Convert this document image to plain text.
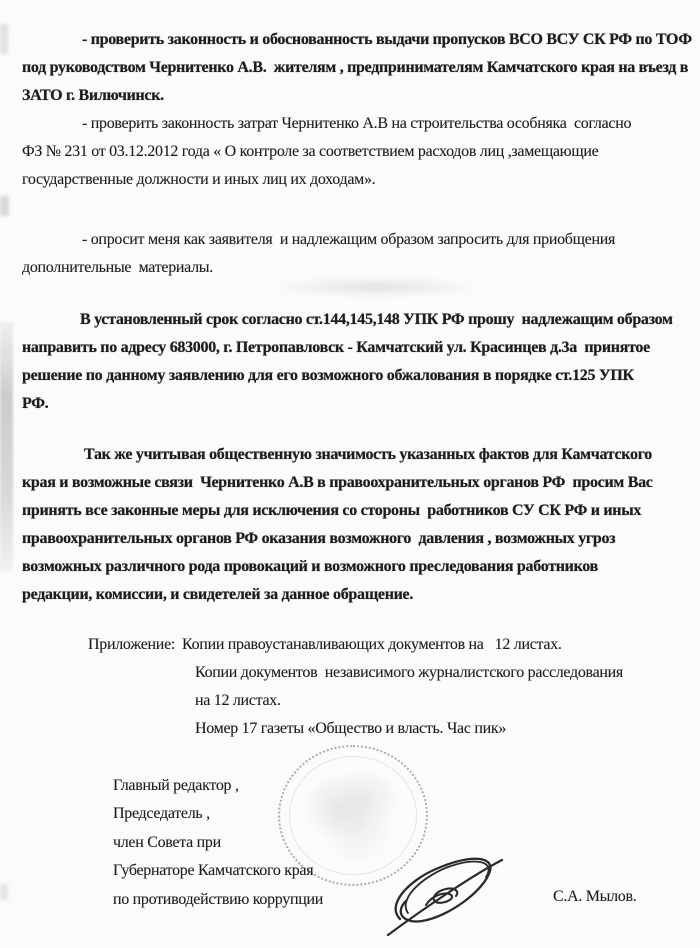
- проверить законность и обоснованность выдачи пропусков ВСО ВСУ СК РФ по ТОФ
под руководством Чернитенко А.В.  жителям , предпринимателям Камчатского края на въезд в
ЗАТО г. Вилючинск.
- проверить законность затрат Чернитенко А.В на строительства особняка  согласно
ФЗ № 231 от 03.12.2012 года « О контроле за соответствием расходов лиц ,замещающие
государственные должности и иных лиц их доходам».
- опросит меня как заявителя  и надлежащим образом запросить для приобщения
дополнительные  материалы.
В установленный срок согласно ст.144,145,148 УПК РФ прошу  надлежащим образом
направить по адресу 683000, г. Петропавловск - Камчатский ул. Красинцев д.3а  принятое
решение по данному заявлению для его возможного обжалования в порядке ст.125 УПК
РФ.
Так же учитывая общественную значимость указанных фактов для Камчатского
края и возможные связи  Чернитенко А.В в правоохранительных органов РФ  просим Вас
принять все законные меры для исключения со стороны  работников СУ СК РФ и иных
правоохранительных органов РФ оказания возможного  давления , возможных угроз
возможных различного рода провокаций и возможного преследования работников
редакции, комиссии, и свидетелей за данное обращение.
Приложение: Копии правоустанавливающих документов на   12 листах.
Копии документов  независимого журналистского расследования
на 12 листах.
Номер 17 газеты «Общество и власть. Час пик»
Главный редактор ,
Председатель ,
член Совета при
Губернаторе Камчатского края
по противодействию коррупции	С.А. Мылов.
